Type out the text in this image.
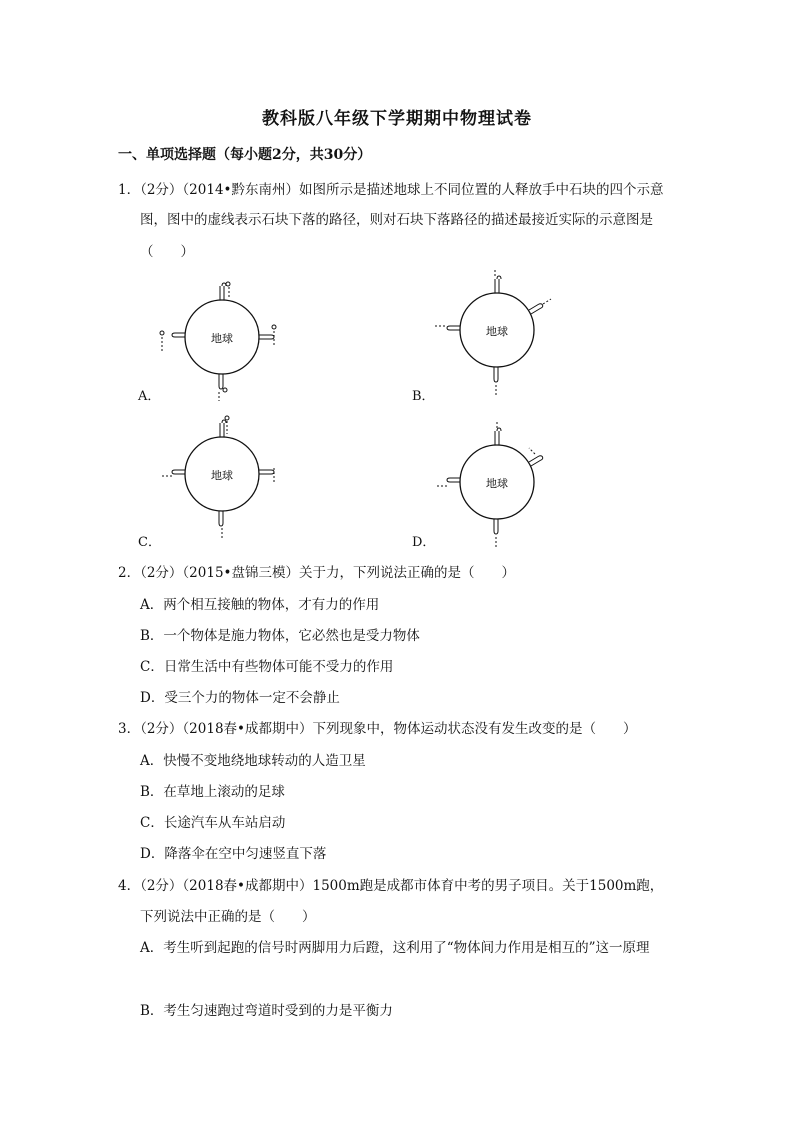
教科版八年级下学期期中物理试卷
一、单项选择题（每小题2分，共30分）
1．（2分）（2014•黔东南州）如图所示是描述地球上不同位置的人释放手中石块的四个示意
图，图中的虚线表示石块下落的路径，则对石块下落路径的描述最接近实际的示意图是
（　　）
地球
A．
地球
B．
地球
C．
地球
D．
2．（2分）（2015•盘锦三模）关于力，下列说法正确的是（　　）
A．两个相互接触的物体，才有力的作用
B．一个物体是施力物体，它必然也是受力物体
C．日常生活中有些物体可能不受力的作用
D．受三个力的物体一定不会静止
3．（2分）（2018春•成都期中）下列现象中，物体运动状态没有发生改变的是（　　）
A．快慢不变地绕地球转动的人造卫星
B．在草地上滚动的足球
C．长途汽车从车站启动
D．降落伞在空中匀速竖直下落
4．（2分）（2018春•成都期中）1500m跑是成都市体育中考的男子项目。关于1500m跑，
下列说法中正确的是（　　）
A．考生听到起跑的信号时两脚用力后蹬，这利用了“物体间力作用是相互的”这一原理
B．考生匀速跑过弯道时受到的力是平衡力
